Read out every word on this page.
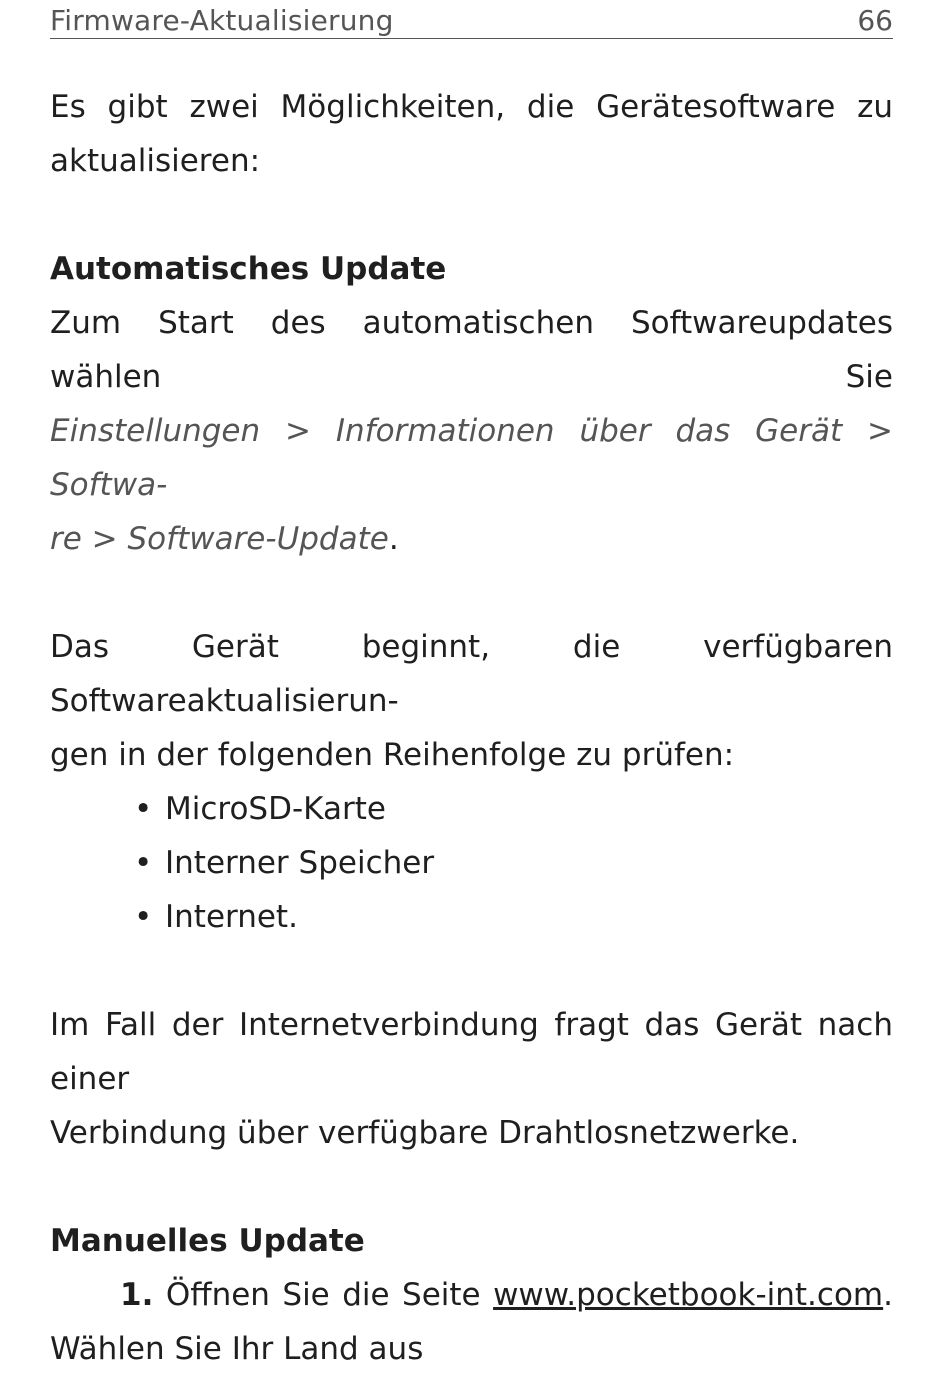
Firmware-Aktualisierung	66

Es gibt zwei Möglichkeiten, die Gerätesoftware zu

aktualisieren:

Automatisches Update

Zum Start des automatischen Softwareupdates wählen Sie

Einstellungen > Informationen über das Gerät > Softwa-

re > Software-Update.

Das Gerät beginnt, die verfügbaren Softwareaktualisierun-

gen in der folgenden Reihenfolge zu prüfen:

• MicroSD-Karte
• Interner Speicher
• Internet.

Im Fall der Internetverbindung fragt das Gerät nach einer

Verbindung über verfügbare Drahtlosnetzwerke.

Manuelles Update

1. Öffnen Sie die Seite www.pocketbook-int.com.

Wählen Sie Ihr Land aus
